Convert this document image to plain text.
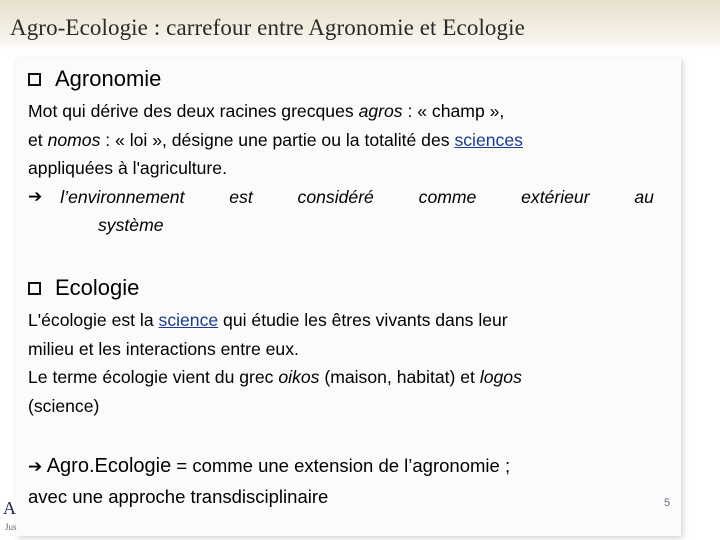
Agro-Ecologie : carrefour entre Agronomie et Ecologie
Agronomie
Mot qui dérive des deux racines grecques agros : « champ »,
et nomos : « loi », désigne une partie ou la totalité des sciences
appliquées à l'agriculture.
➔ l’environnement	est	considéré	comme	extérieur	au
système
Ecologie
L'écologie est la science qui étudie les êtres vivants dans leur
milieu et les interactions entre eux.
Le terme écologie vient du grec oikos (maison, habitat) et logos
(science)
➔ Agro.Ecologie = comme une extension de l’agronomie ;
avec une approche transdisciplinaire	5
A
Jus
